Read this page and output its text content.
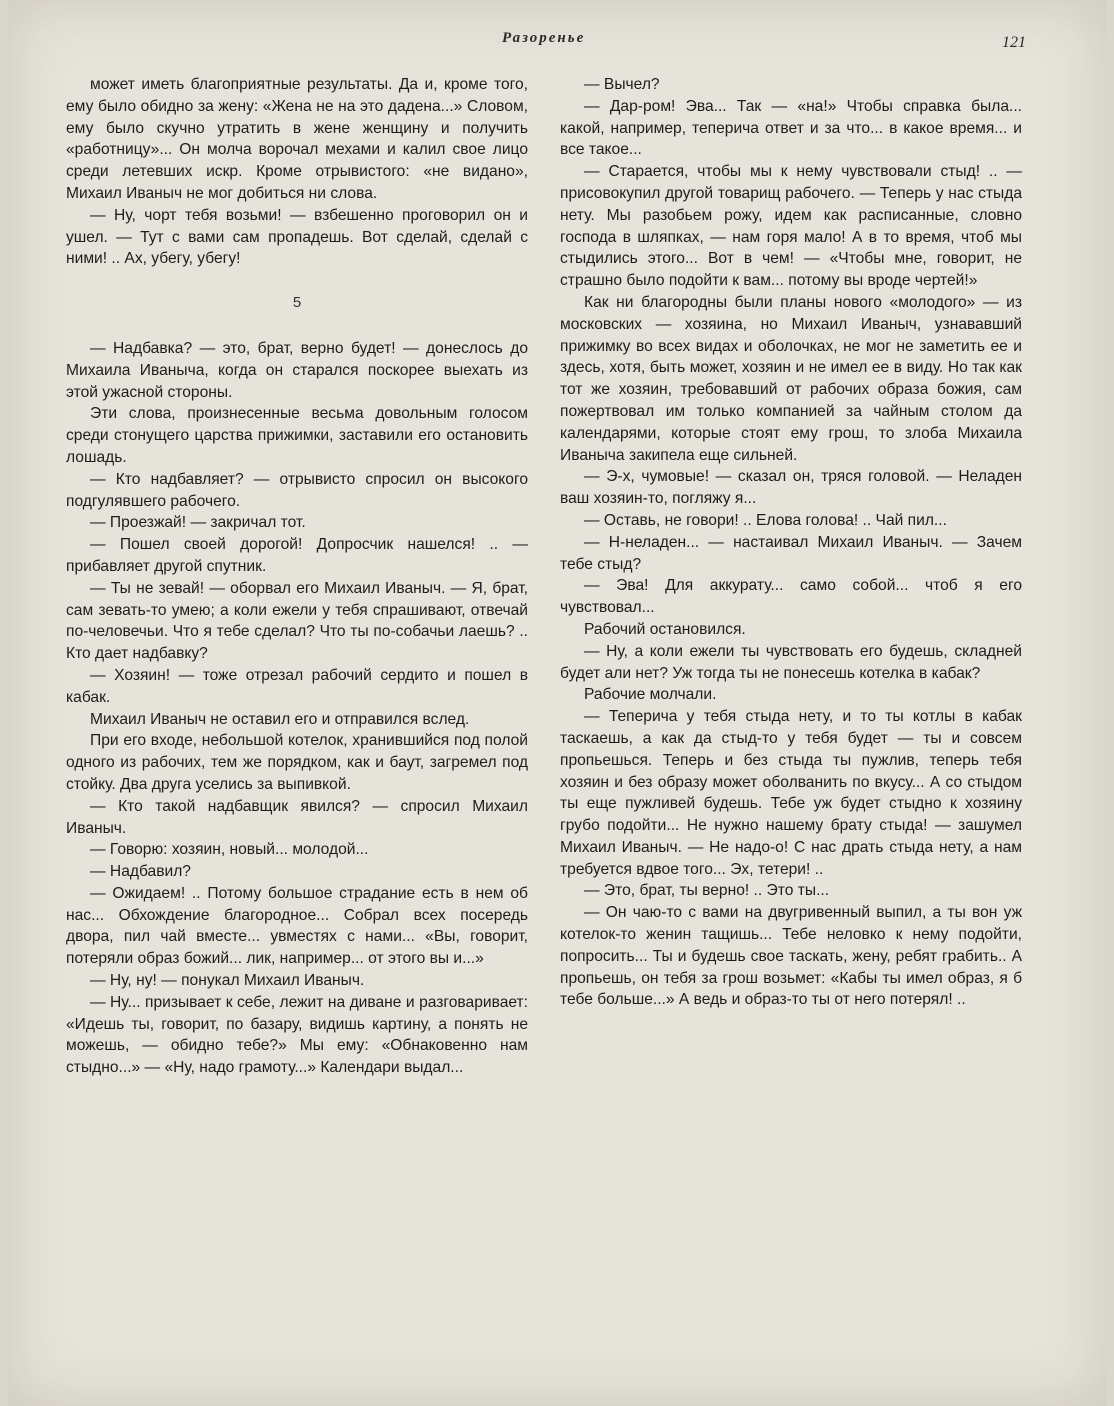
Разоренье	121

может иметь благоприятные результаты. Да и, кроме того, ему было обидно за жену: «Жена не на это дадена...» Словом, ему было скучно утратить в жене женщину и получить «работницу»... Он молча ворочал мехами и калил свое лицо среди летевших искр. Кроме отрывистого: «не видано», Михаил Иваныч не мог добиться ни слова.

— Ну, чорт тебя возьми! — взбешенно проговорил он и ушел. — Тут с вами сам пропадешь. Вот сделай, сделай с ними! .. Ах, убегу, убегу!

5

— Надбавка? — это, брат, верно будет! — донеслось до Михаила Иваныча, когда он старался поскорее выехать из этой ужасной стороны.

Эти слова, произнесенные весьма довольным голосом среди стонущего царства прижимки, заставили его остановить лошадь.

— Кто надбавляет? — отрывисто спросил он высокого подгулявшего рабочего.

— Проезжай! — закричал тот.

— Пошел своей дорогой! Допросчик нашелся! .. — прибавляет другой спутник.

— Ты не зевай! — оборвал его Михаил Иваныч. — Я, брат, сам зевать-то умею; а коли ежели у тебя спрашивают, отвечай по-человечьи. Что я тебе сделал? Что ты по-собачьи лаешь? .. Кто дает надбавку?

— Хозяин! — тоже отрезал рабочий сердито и пошел в кабак.

Михаил Иваныч не оставил его и отправился вслед.

При его входе, небольшой котелок, хранившийся под полой одного из рабочих, тем же порядком, как и баут, загремел под стойку. Два друга уселись за выпивкой.

— Кто такой надбавщик явился? — спросил Михаил Иваныч.

— Говорю: хозяин, новый... молодой...

— Надбавил?

— Ожидаем! .. Потому большое страдание есть в нем об нас... Обхождение благородное... Собрал всех посередь двора, пил чай вместе... увместях с нами... «Вы, говорит, потеряли образ божий... лик, например... от этого вы и...»

— Ну, ну! — понукал Михаил Иваныч.

— Ну... призывает к себе, лежит на диване и разговаривает: «Идешь ты, говорит, по базару, видишь картину, а понять не можешь, — обидно тебе?» Мы ему: «Обнаковенно нам стыдно...» — «Ну, надо грамоту...» Календари выдал...

— Вычел?

— Дар-ром! Эва... Так — «на!» Чтобы справка была... какой, например, теперича ответ и за что... в какое время... и все такое...

— Старается, чтобы мы к нему чувствовали стыд! .. — присовокупил другой товарищ рабочего. — Теперь у нас стыда нету. Мы разобьем рожу, идем как расписанные, словно господа в шляпках, — нам горя мало! А в то время, чтоб мы стыдились этого... Вот в чем! — «Чтобы мне, говорит, не страшно было подойти к вам... потому вы вроде чертей!»

Как ни благородны были планы нового «молодого» — из московских — хозяина, но Михаил Иваныч, узнававший прижимку во всех видах и оболочках, не мог не заметить ее и здесь, хотя, быть может, хозяин и не имел ее в виду. Но так как тот же хозяин, требовавший от рабочих образа божия, сам пожертвовал им только компанией за чайным столом да календарями, которые стоят ему грош, то злоба Михаила Иваныча закипела еще сильней.

— Э-х, чумовые! — сказал он, тряся головой. — Неладен ваш хозяин-то, погляжу я...

— Оставь, не говори! .. Елова голова! .. Чай пил...

— Н-неладен... — настаивал Михаил Иваныч. — Зачем тебе стыд?

— Эва! Для аккурату... само собой... чтоб я его чувствовал...

Рабочий остановился.

— Ну, а коли ежели ты чувствовать его будешь, складней будет али нет? Уж тогда ты не понесешь котелка в кабак?

Рабочие молчали.

— Теперича у тебя стыда нету, и то ты котлы в кабак таскаешь, а как да стыд-то у тебя будет — ты и совсем пропьешься. Теперь и без стыда ты пужлив, теперь тебя хозяин и без образу может оболванить по вкусу... А со стыдом ты еще пужливей будешь. Тебе уж будет стыдно к хозяину грубо подойти... Не нужно нашему брату стыда! — зашумел Михаил Иваныч. — Не надо-о! С нас драть стыда нету, а нам требуется вдвое того... Эх, тетери! ..

— Это, брат, ты верно! .. Это ты...

— Он чаю-то с вами на двугривенный выпил, а ты вон уж котелок-то женин тащишь... Тебе неловко к нему подойти, попросить... Ты и будешь свое таскать, жену, ребят грабить.. А пропьешь, он тебя за грош возьмет: «Кабы ты имел образ, я б тебе больше...» А ведь и образ-то ты от него потерял! ..
